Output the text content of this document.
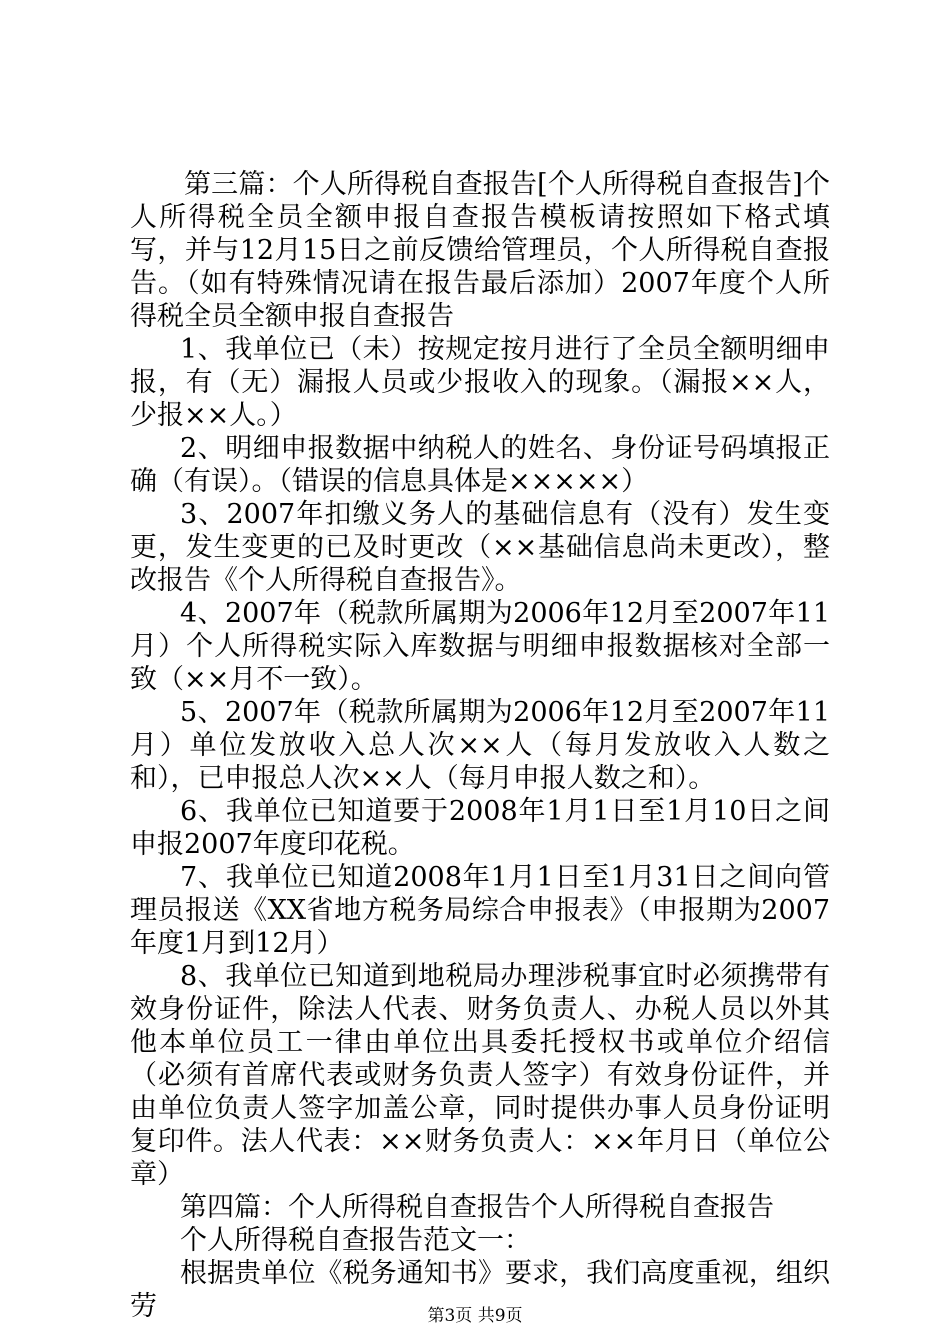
第三篇：个人所得税自查报告[个人所得税自查报告]个人所得税全员全额申报自查报告模板请按照如下格式填写，并与12月15日之前反馈给管理员，个人所得税自查报告。（如有特殊情况请在报告最后添加）2007年度个人所得税全员全额申报自查报告

1、我单位已（未）按规定按月进行了全员全额明细申报，有（无）漏报人员或少报收入的现象。（漏报××人，少报××人。）

2、明细申报数据中纳税人的姓名、身份证号码填报正确（有误）。（错误的信息具体是×××××）

3、2007年扣缴义务人的基础信息有（没有）发生变更，发生变更的已及时更改（××基础信息尚未更改），整改报告《个人所得税自查报告》。

4、2007年（税款所属期为2006年12月至2007年11月）个人所得税实际入库数据与明细申报数据核对全部一致（××月不一致）。

5、2007年（税款所属期为2006年12月至2007年11月）单位发放收入总人次××人（每月发放收入人数之和），已申报总人次××人（每月申报人数之和）。

6、我单位已知道要于2008年1月1日至1月10日之间申报2007年度印花税。

7、我单位已知道2008年1月1日至1月31日之间向管理员报送《XX省地方税务局综合申报表》（申报期为2007年度1月到12月）

8、我单位已知道到地税局办理涉税事宜时必须携带有效身份证件，除法人代表、财务负责人、办税人员以外其他本单位员工一律由单位出具委托授权书或单位介绍信（必须有首席代表或财务负责人签字）有效身份证件，并由单位负责人签字加盖公章，同时提供办事人员身份证明复印件。法人代表：××财务负责人：××年月日（单位公章）

第四篇：个人所得税自查报告个人所得税自查报告

个人所得税自查报告范文一：

根据贵单位《税务通知书》要求，我们高度重视，组织劳	第3页 共9页
